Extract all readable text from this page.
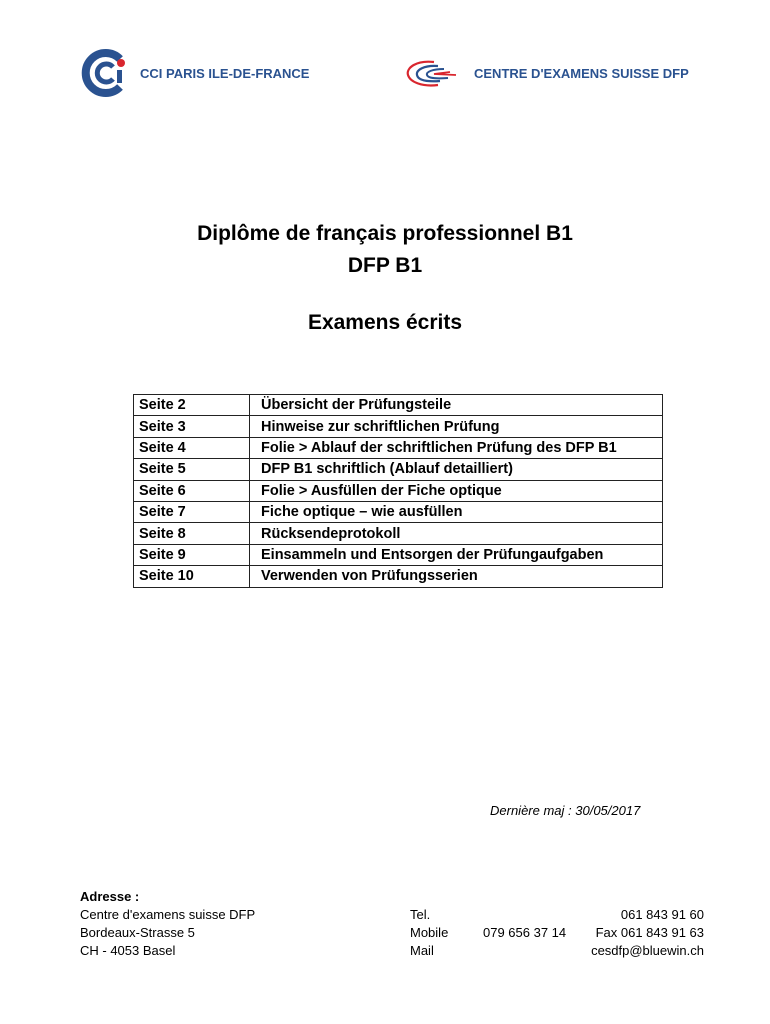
CCI PARIS ILE-DE-FRANCE	CENTRE D'EXAMENS SUISSE DFP
Diplôme de français professionnel B1
DFP B1
Examens écrits
Seite 2	Übersicht der Prüfungsteile
Seite 3	Hinweise zur schriftlichen Prüfung
Seite 4	Folie > Ablauf der schriftlichen Prüfung des DFP B1
Seite 5	DFP B1 schriftlich (Ablauf detailliert)
Seite 6	Folie > Ausfüllen der Fiche optique
Seite 7	Fiche optique – wie ausfüllen
Seite 8	Rücksendeprotokoll
Seite 9	Einsammeln und Entsorgen der Prüfungaufgaben
Seite 10	Verwenden von Prüfungsserien
Dernière maj : 30/05/2017
Adresse :
Centre d'examens suisse DFP
Bordeaux-Strasse 5
CH - 4053 Basel
Tel.	061 843 91 60
Mobile	079 656 37 14 Fax 061 843 91 63
Mail	cesdfp@bluewin.ch
